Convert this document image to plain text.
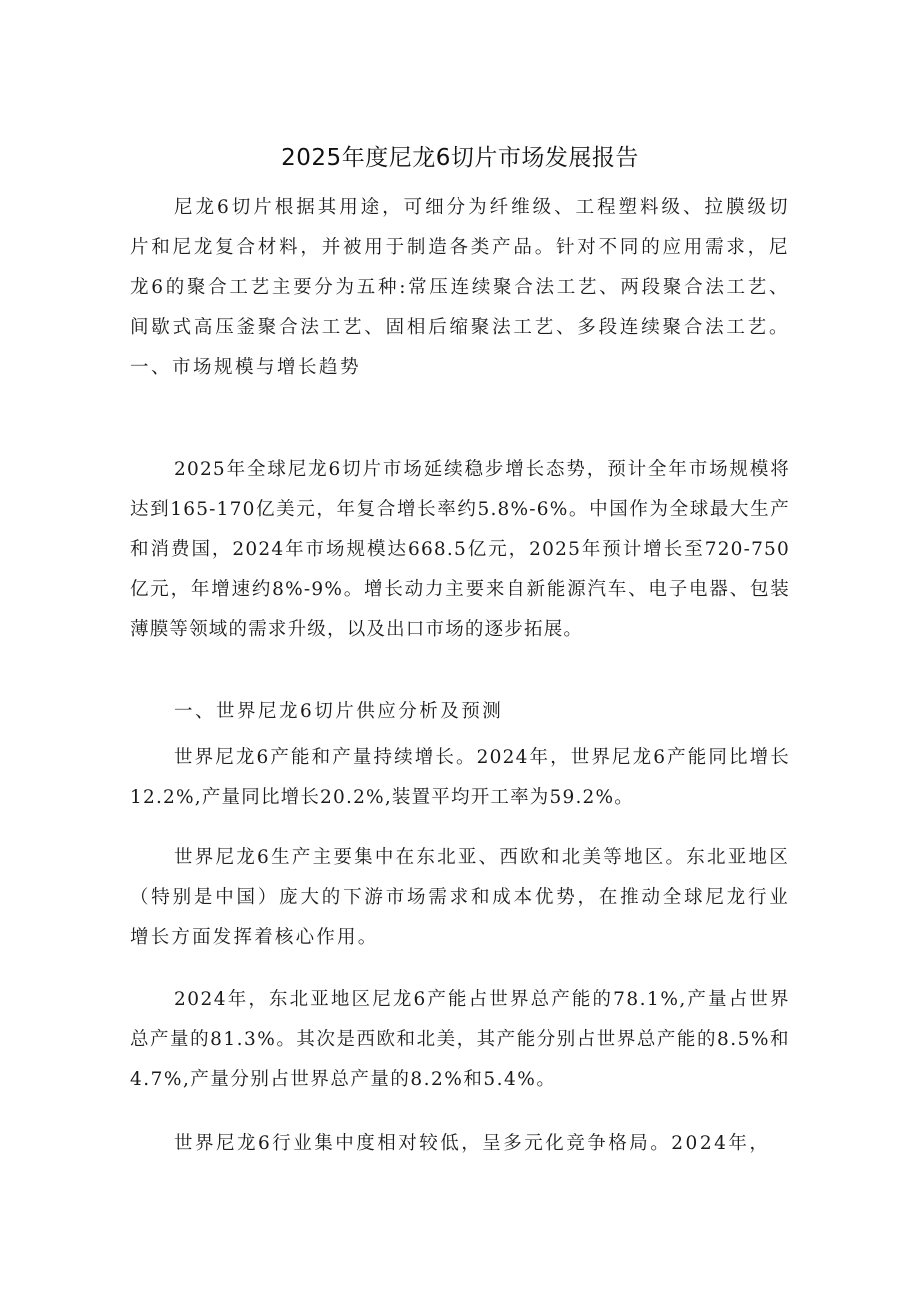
2025年度尼龙6切片市场发展报告

尼龙6切片根据其用途，可细分为纤维级、工程塑料级、拉膜级切片和尼龙复合材料，并被用于制造各类产品。针对不同的应用需求，尼龙6的聚合工艺主要分为五种:常压连续聚合法工艺、两段聚合法工艺、间歇式高压釜聚合法工艺、固相后缩聚法工艺、多段连续聚合法工艺。一、市场规模与增长趋势

2025年全球尼龙6切片市场延续稳步增长态势，预计全年市场规模将达到165-170亿美元，年复合增长率约5.8%-6%。中国作为全球最大生产和消费国，2024年市场规模达668.5亿元，2025年预计增长至720-750亿元，年增速约8%-9%。增长动力主要来自新能源汽车、电子电器、包装薄膜等领域的需求升级，以及出口市场的逐步拓展。

一、世界尼龙6切片供应分析及预测

世界尼龙6产能和产量持续增长。2024年，世界尼龙6产能同比增长12.2%,产量同比增长20.2%,装置平均开工率为59.2%。

世界尼龙6生产主要集中在东北亚、西欧和北美等地区。东北亚地区（特别是中国）庞大的下游市场需求和成本优势，在推动全球尼龙行业增长方面发挥着核心作用。

2024年，东北亚地区尼龙6产能占世界总产能的78.1%,产量占世界总产量的81.3%。其次是西欧和北美，其产能分别占世界总产能的8.5%和4.7%,产量分别占世界总产量的8.2%和5.4%。

世界尼龙6行业集中度相对较低，呈多元化竞争格局。2024年，
